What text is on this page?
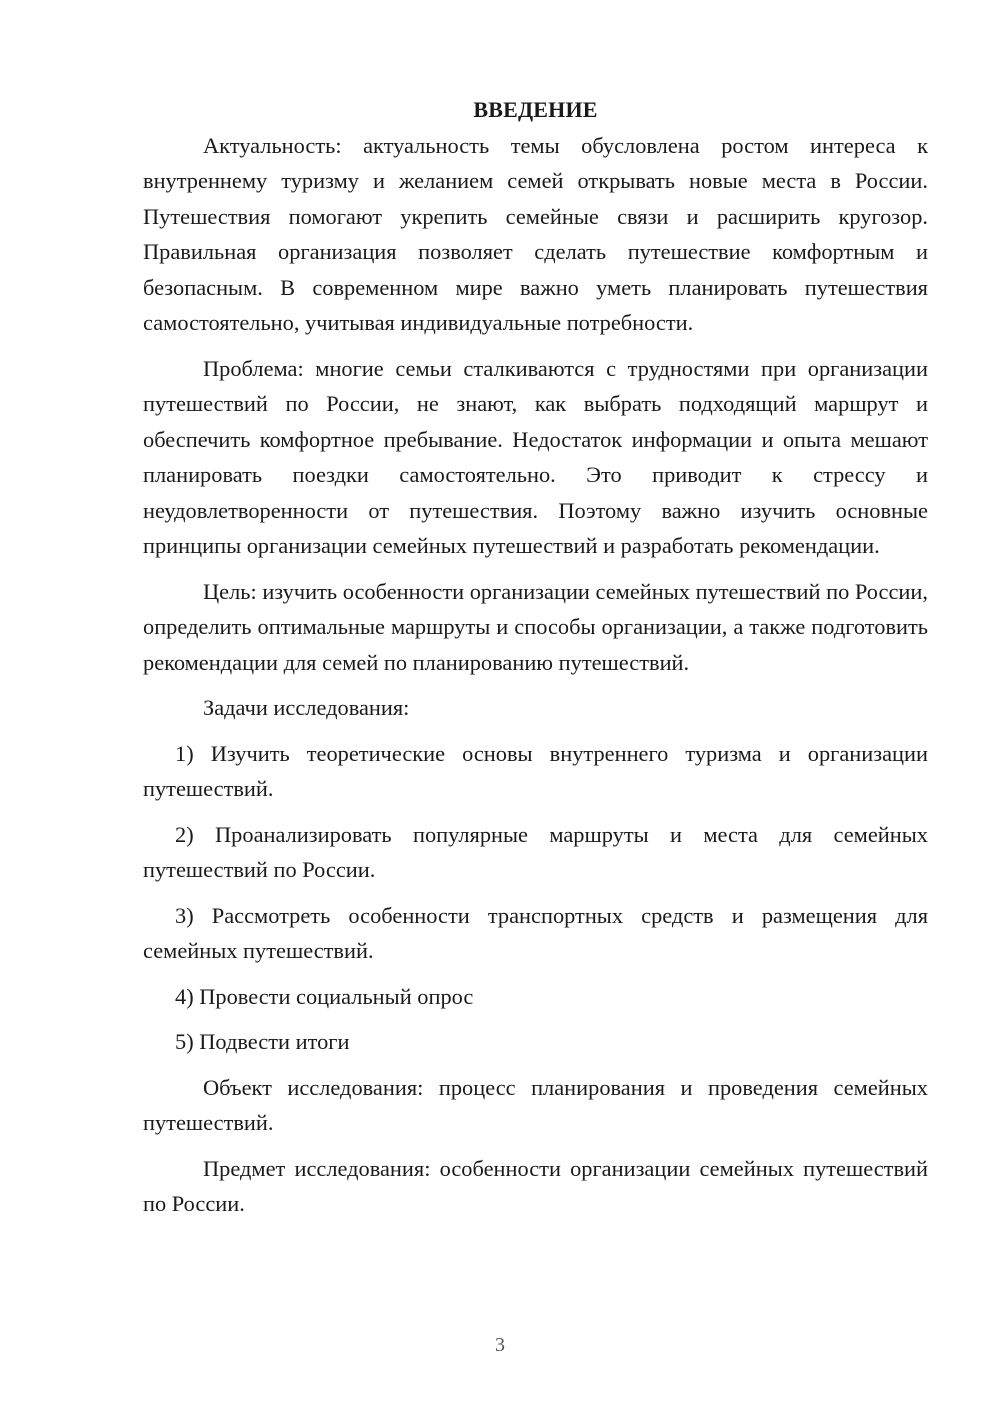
ВВЕДЕНИЕ

Актуальность: актуальность темы обусловлена ростом интереса к внутреннему туризму и желанием семей открывать новые места в России. Путешествия помогают укрепить семейные связи и расширить кругозор. Правильная организация позволяет сделать путешествие комфортным и безопасным. В современном мире важно уметь планировать путешествия самостоятельно, учитывая индивидуальные потребности.

Проблема: многие семьи сталкиваются с трудностями при организации путешествий по России, не знают, как выбрать подходящий маршрут и обеспечить комфортное пребывание. Недостаток информации и опыта мешают планировать поездки самостоятельно. Это приводит к стрессу и неудовлетворенности от путешествия. Поэтому важно изучить основные принципы организации семейных путешествий и разработать рекомендации.

Цель: изучить особенности организации семейных путешествий по России, определить оптимальные маршруты и способы организации, а также подготовить рекомендации для семей по планированию путешествий.

Задачи исследования:

1) Изучить теоретические основы внутреннего туризма и организации путешествий.

2) Проанализировать популярные маршруты и места для семейных путешествий по России.

3) Рассмотреть особенности транспортных средств и размещения для семейных путешествий.

4) Провести социальный опрос

5) Подвести итоги

Объект исследования: процесс планирования и проведения семейных путешествий.

Предмет исследования: особенности организации семейных путешествий по России.

3
